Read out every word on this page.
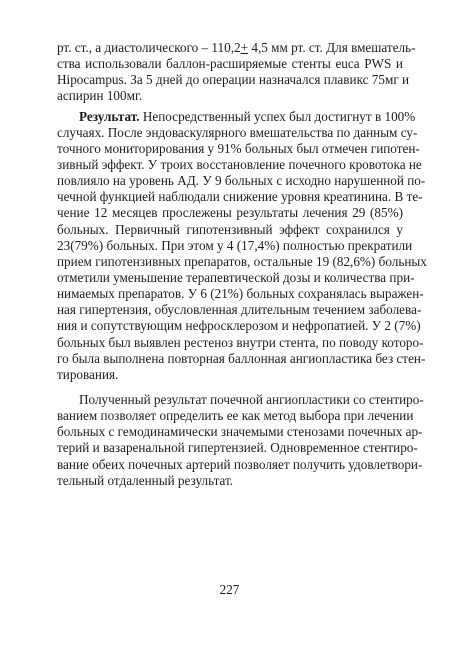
рт. ст., а диастолического – 110,2+ 4,5 мм рт. ст. Для вмешатель-
ства использовали баллон-расширяемые стенты euca PWS и
Hipocampus. За 5 дней до операции назначался плавикс 75мг и
аспирин 100мг.
Результат. Непосредственный успех был достигнут в 100%
случаях. После эндоваскулярного вмешательства по данным су-
точного мониторирования у 91% больных был отмечен гипотен-
зивный эффект. У троих восстановление почечного кровотока не
повлияло на уровень АД. У 9 больных с исходно нарушенной по-
чечной функцией наблюдали снижение уровня креатинина. В те-
чение 12 месяцев прослежены результаты лечения 29 (85%)
больных. Первичный гипотензивный эффект сохранился у
23(79%) больных. При этом у 4 (17,4%) полностью прекратили
прием гипотензивных препаратов, остальные 19 (82,6%) больных
отметили уменьшение терапевтической дозы и количества при-
нимаемых препаратов. У 6 (21%) больных сохранялась выражен-
ная гипертензия, обусловленная длительным течением заболева-
ния и сопутствующим нефросклерозом и нефропатией. У 2 (7%)
больных был выявлен рестеноз внутри стента, по поводу которо-
го была выполнена повторная баллонная ангиопластика без стен-
тирования.
Полученный результат почечной ангиопластики со стентиро-
ванием позволяет определить ее как метод выбора при лечении
больных с гемодинамически значемыми стенозами почечных ар-
терий и вазаренальной гипертензией. Одновременное стентиро-
вание обеих почечных артерий позволяет получить удовлетвори-
тельный отдаленный результат.
227
